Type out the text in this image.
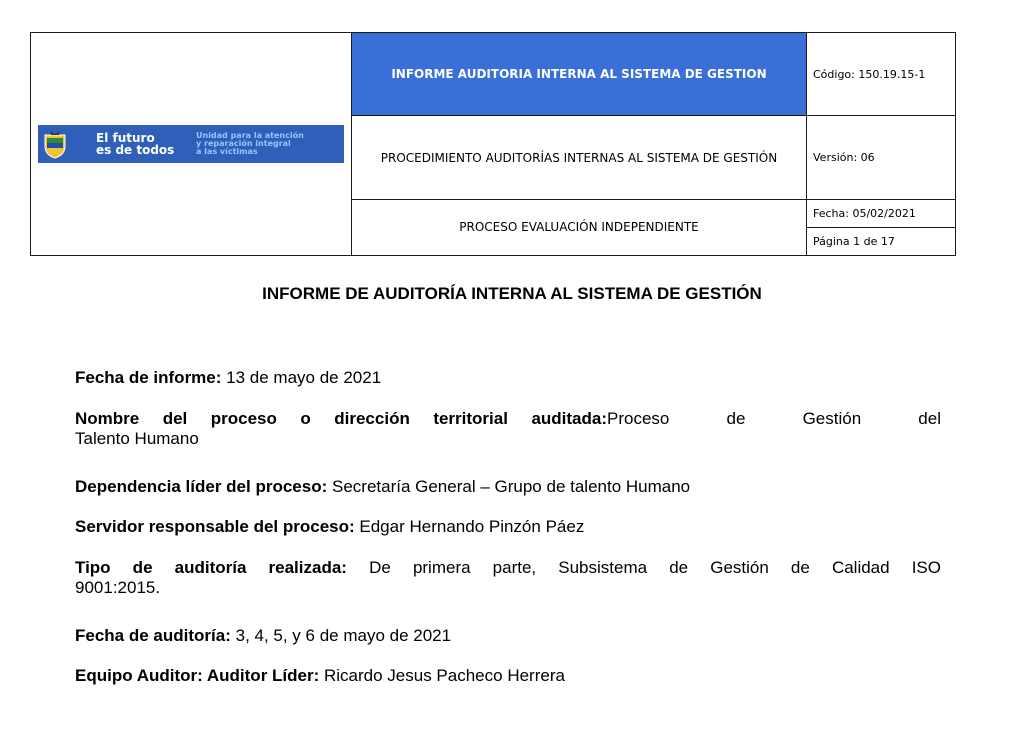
El futuro
es de todos
Unidad para la atención
y reparación integral
a las víctimas	INFORME AUDITORIA INTERNA AL SISTEMA DE GESTION	Código: 150.19.15-1
	PROCEDIMIENTO AUDITORÍAS INTERNAS AL SISTEMA DE GESTIÓN	Versión: 06
	PROCESO EVALUACIÓN INDEPENDIENTE	Fecha: 05/02/2021
		Página 1 de 17
INFORME DE AUDITORÍA INTERNA AL SISTEMA DE GESTIÓN
Fecha de informe: 13 de mayo de 2021
Nombre del proceso o dirección territorial auditada: Proceso de Gestión del
Talento Humano
Dependencia líder del proceso: Secretaría General – Grupo de talento Humano
Servidor responsable del proceso: Edgar Hernando Pinzón Páez
Tipo de auditoría realizada: De primera parte, Subsistema de Gestión de Calidad ISO
9001:2015.
Fecha de auditoría: 3, 4, 5, y 6 de mayo de 2021
Equipo Auditor: Auditor Líder: Ricardo Jesus Pacheco Herrera
